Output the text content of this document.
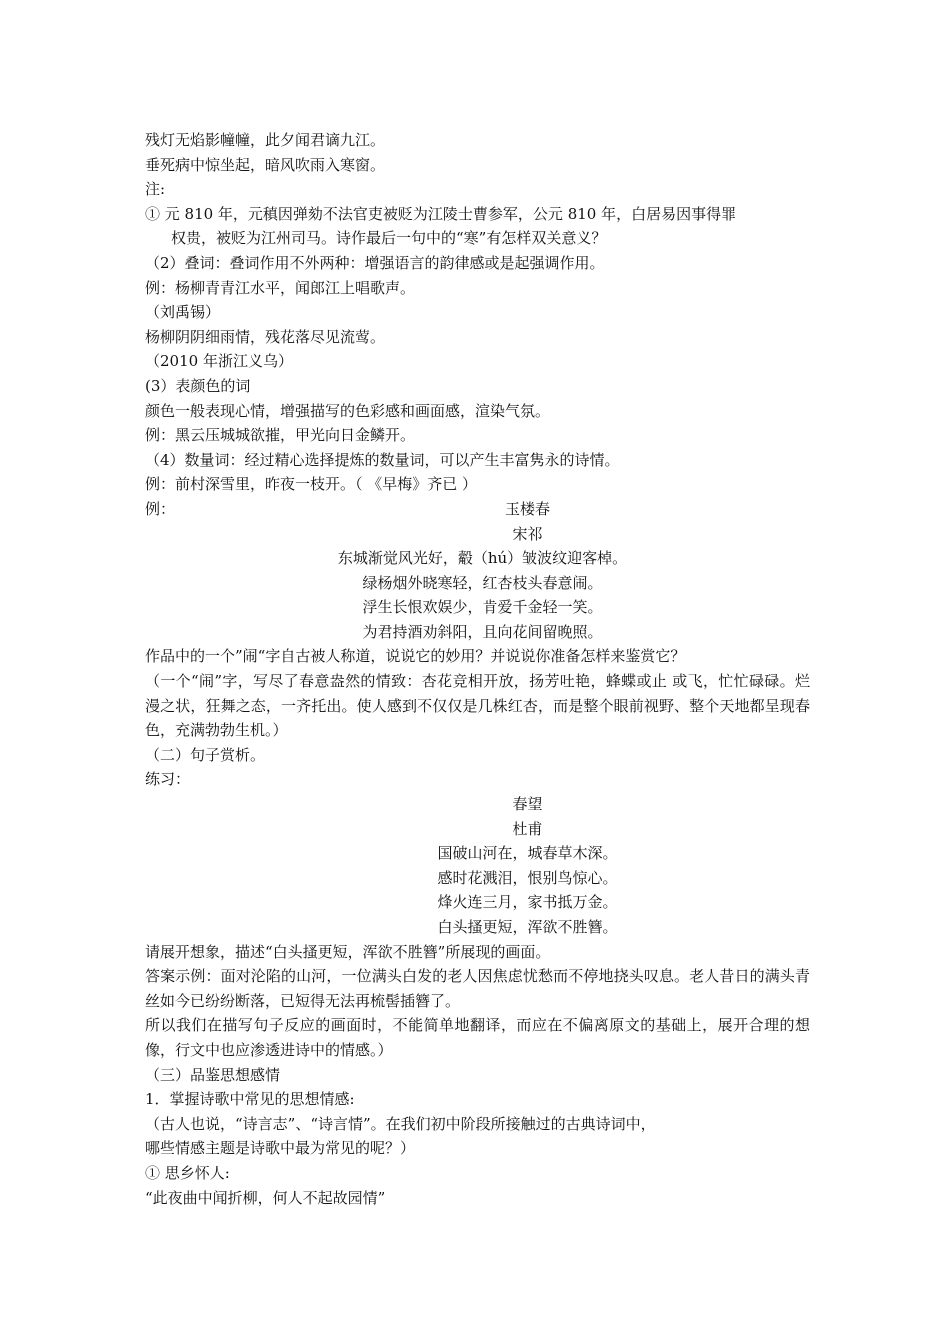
残灯无焰影幢幢，此夕闻君谪九江。
垂死病中惊坐起，暗风吹雨入寒窗。
注:
① 元 810 年，元稹因弹劾不法官吏被贬为江陵士曹参军，公元 810 年，白居易因事得罪
权贵，被贬为江州司马。诗作最后一句中的“寒”有怎样双关意义？
（2）叠词：叠词作用不外两种：增强语言的韵律感或是起强调作用。
例：杨柳青青江水平，闻郎江上唱歌声。
（刘禹锡）
杨柳阴阴细雨情，残花落尽见流莺。
（2010 年浙江义乌）
(3）表颜色的词
颜色一般表现心情，增强描写的色彩感和画面感，渲染气氛。
例：黑云压城城欲摧，甲光向日金鳞开。
（4）数量词：经过精心选择提炼的数量词，可以产生丰富隽永的诗情。
例：前村深雪里，昨夜一枝开。（ 《早梅》齐已 ）
例：	玉楼春
宋祁
东城渐觉风光好，觳（hú）皱波纹迎客棹。
绿杨烟外晓寒轻，红杏枝头春意闹。
浮生长恨欢娱少，肯爱千金轻一笑。
为君持酒劝斜阳，且向花间留晚照。
作品中的一个”闹“字自古被人称道，说说它的妙用？并说说你准备怎样来鉴赏它？
（一个“闹”字，写尽了春意盎然的情致：杏花竞相开放，扬芳吐艳，蜂蝶或止 或飞，忙忙碌碌。烂漫之状，狂舞之态，一齐托出。使人感到不仅仅是几株红杏，而是整个眼前视野、整个天地都呈现春色，充满勃勃生机。）
（二）句子赏析。
练习：
春望
杜甫
国破山河在，城春草木深。
感时花溅泪，恨别鸟惊心。
烽火连三月，家书抵万金。
白头搔更短，浑欲不胜簪。
请展开想象，描述“白头搔更短，浑欲不胜簪”所展现的画面。
答案示例：面对沦陷的山河，一位满头白发的老人因焦虑忧愁而不停地挠头叹息。老人昔日的满头青丝如今已纷纷断落，已短得无法再梳髻插簪了。
所以我们在描写句子反应的画面时，不能简单地翻译，而应在不偏离原文的基础上，展开合理的想像，行文中也应渗透进诗中的情感。）
（三）品鉴思想感情
1．掌握诗歌中常见的思想情感:
（古人也说，“诗言志”、“诗言情”。在我们初中阶段所接触过的古典诗词中，
哪些情感主题是诗歌中最为常见的呢？）
① 思乡怀人:
“此夜曲中闻折柳，何人不起故园情”
